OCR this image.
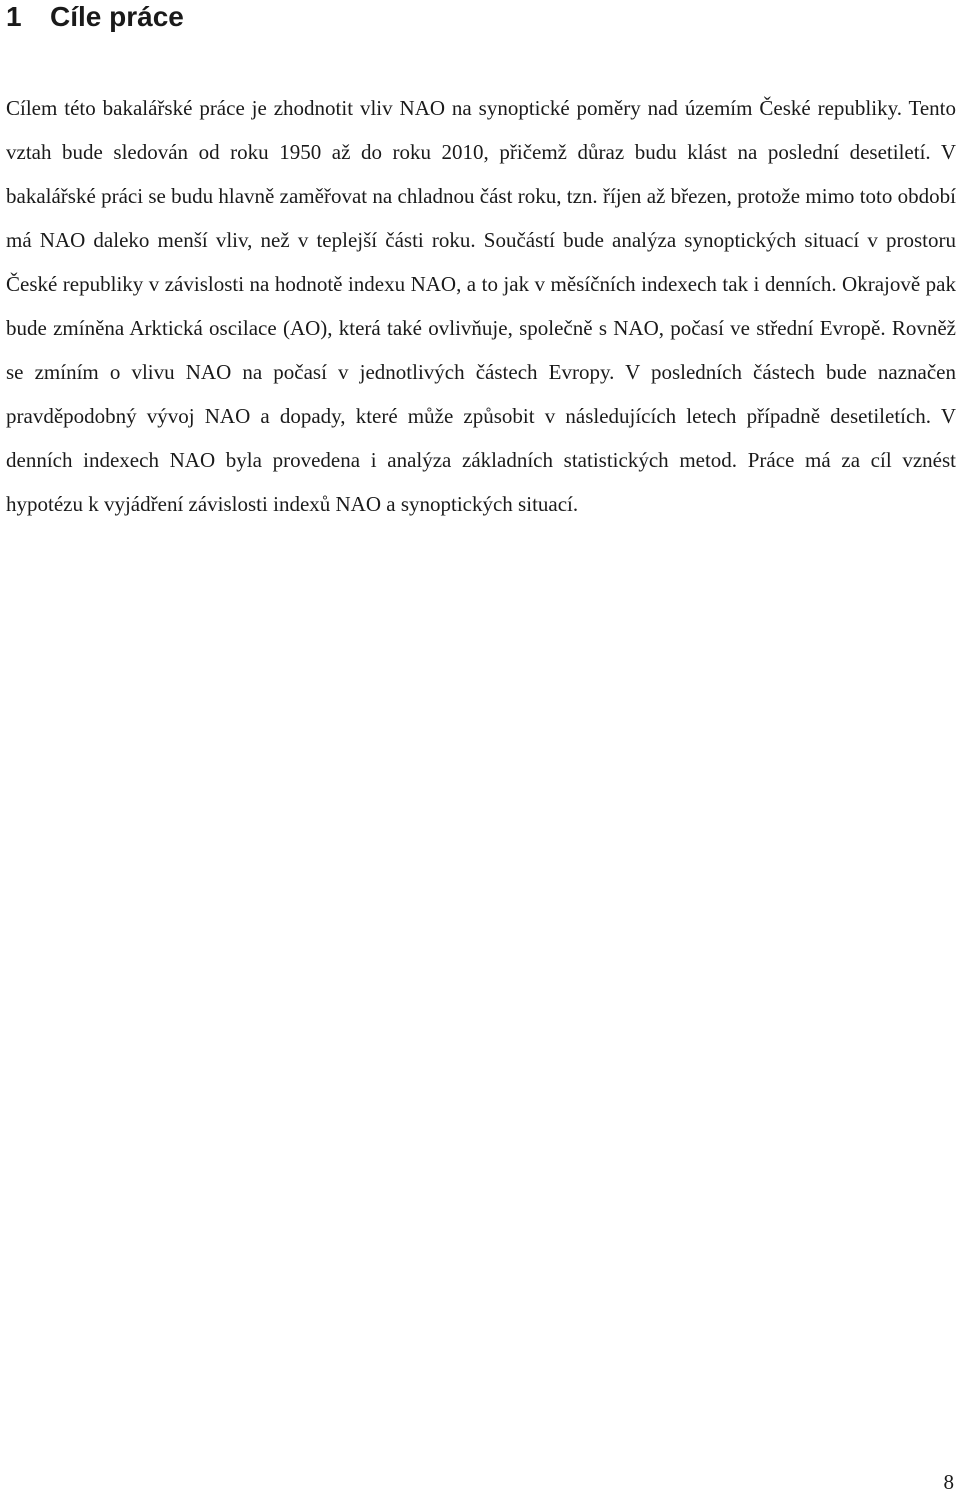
1 Cíle práce

Cílem této bakalářské práce je zhodnotit vliv NAO na synoptické poměry nad územím České republiky. Tento vztah bude sledován od roku 1950 až do roku 2010, přičemž důraz budu klást na poslední desetiletí. V bakalářské práci se budu hlavně zaměřovat na chladnou část roku, tzn. říjen až březen, protože mimo toto období má NAO daleko menší vliv, než v teplejší části roku. Součástí bude analýza synoptických situací v prostoru České republiky v závislosti na hodnotě indexu NAO, a to jak v měsíčních indexech tak i denních. Okrajově pak bude zmíněna Arktická oscilace (AO), která také ovlivňuje, společně s NAO, počasí ve střední Evropě. Rovněž se zmíním o vlivu NAO na počasí v jednotlivých částech Evropy. V posledních částech bude naznačen pravděpodobný vývoj NAO a dopady, které může způsobit v následujících letech případně desetiletích. V denních indexech NAO byla provedena i analýza základních statistických metod. Práce má za cíl vznést hypotézu k vyjádření závislosti indexů NAO a synoptických situací.

8
